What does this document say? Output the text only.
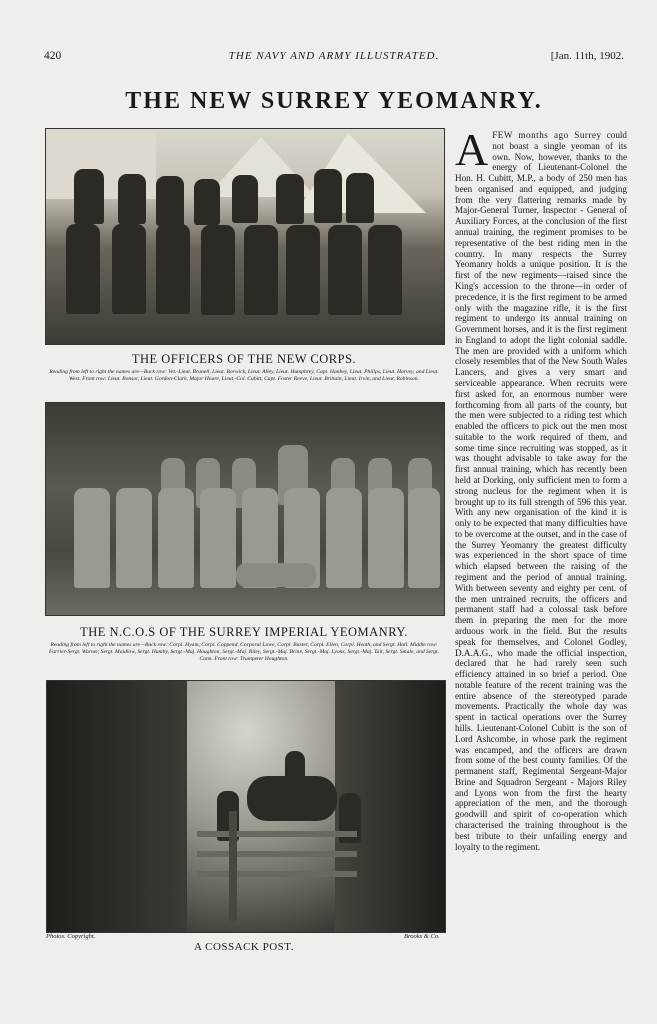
420	THE NAVY AND ARMY ILLUSTRATED.	[Jan. 11th, 1902.
THE NEW SURREY YEOMANRY.
THE OFFICERS OF THE NEW CORPS.
Reading from left to right the names are—Back row: Vet.-Lieut. Brunell, Lieut. Borwick, Lieut. Alley, Lieut. Humphrey, Capt. Hanbey, Lieut. Philips, Lieut. Harvey, and Lieut. West. Front row: Lieut. Bonsor, Lieut. Gordon-Clark, Major Hoare, Lieut.-Col. Cubitt, Capt. Foster Reeve, Lieut. Brittain, Lieut. Irvin, and Lieut. Robinson.
THE N.C.O.S OF THE SURREY IMPERIAL YEOMANRY.
Reading from left to right the names are—Back row: Corpl. Hyam, Corpl. Coppend, Corporal Lowe, Corpl. Baxter, Corpl. Ellen, Corpl. Heath, and Sergt. Hall. Middle row: Farrier-Sergt. Warner, Sergt. Maidlow, Sergt. Humby, Sergt.-Maj. Houghton, Sergt.-Maj. Riley, Sergt.-Maj. Brine, Sergt.-Maj. Lyons, Sergt.-Maj. Tait, Sergt. Smale, and Sergt. Cann. Front row: Trumpeter Houghton.
Photos. Copyright.	Brooks & Co.
A COSSACK POST.
AFEW months ago Surrey could not boast a single yeoman of its own. Now, however, thanks to the energy of Lieutenant-Colonel the Hon. H. Cubitt, M.P., a body of 250 men has been organised and equipped, and judging from the very flattering remarks made by Major-General Turner, Inspector - General of Auxiliary Forces, at the conclusion of the first annual training, the regiment promises to be representative of the best riding men in the country. In many respects the Surrey Yeomanry holds a unique position. It is the first of the new regiments—raised since the King's accession to the throne—in order of precedence, it is the first regiment to be armed only with the magazine rifle, it is the first regiment to undergo its annual training on Government horses, and it is the first regiment in England to adopt the light colonial saddle. The men are provided with a uniform which closely resembles that of the New South Wales Lancers, and gives a very smart and serviceable appearance. When recruits were first asked for, an enormous number were forthcoming from all parts of the county, but the men were subjected to a riding test which enabled the officers to pick out the men most suitable to the work required of them, and some time since recruiting was stopped, as it was thought advisable to take away for the first annual training, which has recently been held at Dorking, only sufficient men to form a strong nucleus for the regiment when it is brought up to its full strength of 596 this year. With any new organisation of the kind it is only to be expected that many difficulties have to be overcome at the outset, and in the case of the Surrey Yeomanry the greatest difficulty was experienced in the short space of time which elapsed between the raising of the regiment and the period of annual training. With between seventy and eighty per cent. of the men untrained recruits, the officers and permanent staff had a colossal task before them in preparing the men for the more arduous work in the field. But the results speak for themselves, and Colonel Godley, D.A.A.G., who made the official inspection, declared that he had rarely seen such efficiency attained in so brief a period. One notable feature of the recent training was the entire absence of the stereotyped parade movements. Practically the whole day was spent in tactical operations over the Surrey hills. Lieutenant-Colonel Cubitt is the son of Lord Ashcombe, in whose park the regiment was encamped, and the officers are drawn from some of the best county families. Of the permanent staff, Regimental Sergeant-Major Brine and Squadron Sergeant - Majors Riley and Lyons won from the first the hearty appreciation of the men, and the thorough goodwill and spirit of co-operation which characterised the training throughout is the best tribute to their unfailing energy and loyalty to the regiment.
